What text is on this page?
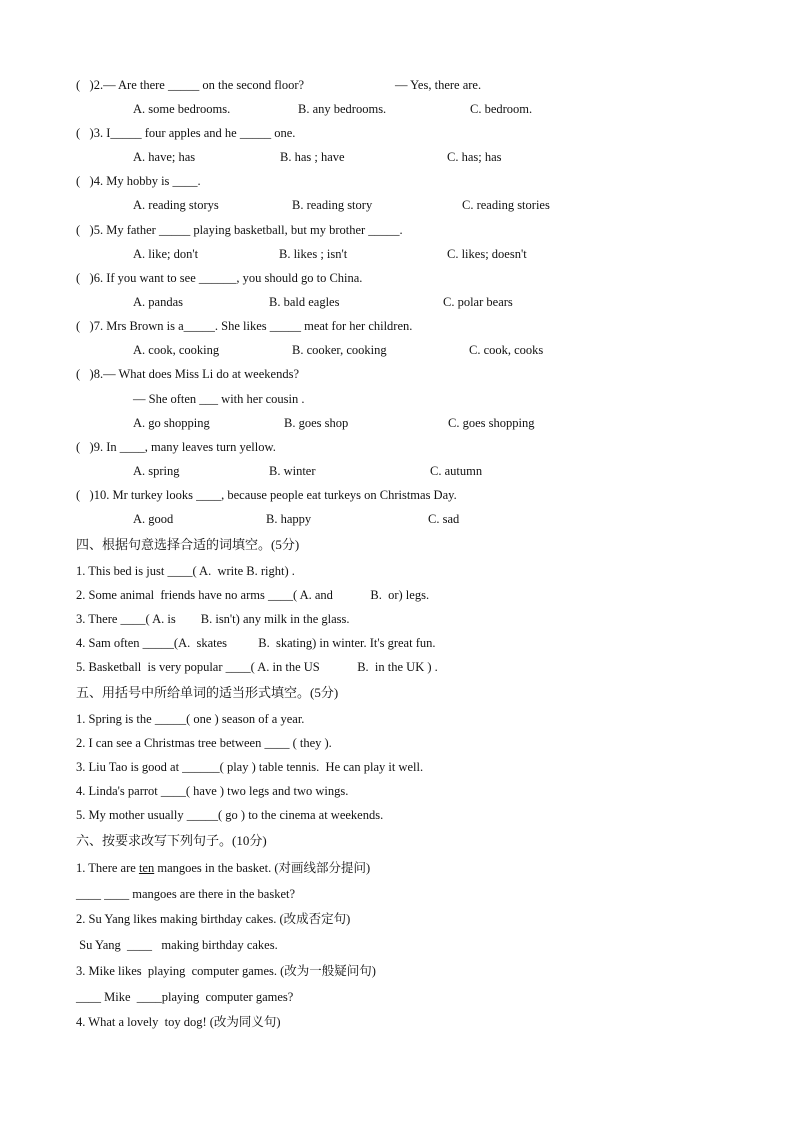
(   )2.— Are there _____ on the second floor?	— Yes, there are.
A. some bedrooms.	B. any bedrooms.	C. bedroom.
(   )3. I_____ four apples and he _____ one.
A. have; has	B. has ; have	C. has; has
(   )4. My hobby is ____.
A. reading storys	B. reading story	C. reading stories
(   )5. My father _____ playing basketball, but my brother _____.
A. like; don't	B. likes ; isn't	C. likes; doesn't
(   )6. If you want to see ______, you should go to China.
A. pandas	B. bald eagles	C. polar bears
(   )7. Mrs Brown is a_____. She likes _____ meat for her children.
A. cook, cooking	B. cooker, cooking	C. cook, cooks
(   )8.— What does Miss Li do at weekends?
— She often ___ with her cousin .
A. go shopping	B. goes shop	C. goes shopping
(   )9. In ____, many leaves turn yellow.
A. spring	B. winter	C. autumn
(   )10. Mr turkey looks ____, because people eat turkeys on Christmas Day.
A. good	B. happy	C. sad
四、根据句意选择合适的词填空。(5分)
1. This bed is just ____( A.  write B. right) .
2. Some animal  friends have no arms ____( A. and            B.  or) legs.
3. There ____( A. is        B. isn't) any milk in the glass.
4. Sam often _____(A.  skates          B.  skating) in winter. It's great fun.
5. Basketball  is very popular ____( A. in the US            B.  in the UK ) .
五、用括号中所给单词的适当形式填空。(5分)
1. Spring is the _____( one ) season of a year.
2. I can see a Christmas tree between ____ ( they ).
3. Liu Tao is good at ______( play ) table tennis.  He can play it well.
4. Linda's parrot ____( have ) two legs and two wings.
5. My mother usually _____( go ) to the cinema at weekends.
六、按要求改写下列句子。(10分)
1. There are ten mangoes in the basket. (对画线部分提问)
____ ____ mangoes are there in the basket?
2. Su Yang likes making birthday cakes. (改成否定句)
Su Yang  ____   making birthday cakes.
3. Mike likes  playing  computer games. (改为一般疑问句)
____ Mike  ____playing  computer games?
4. What a lovely  toy dog! (改为同义句)
